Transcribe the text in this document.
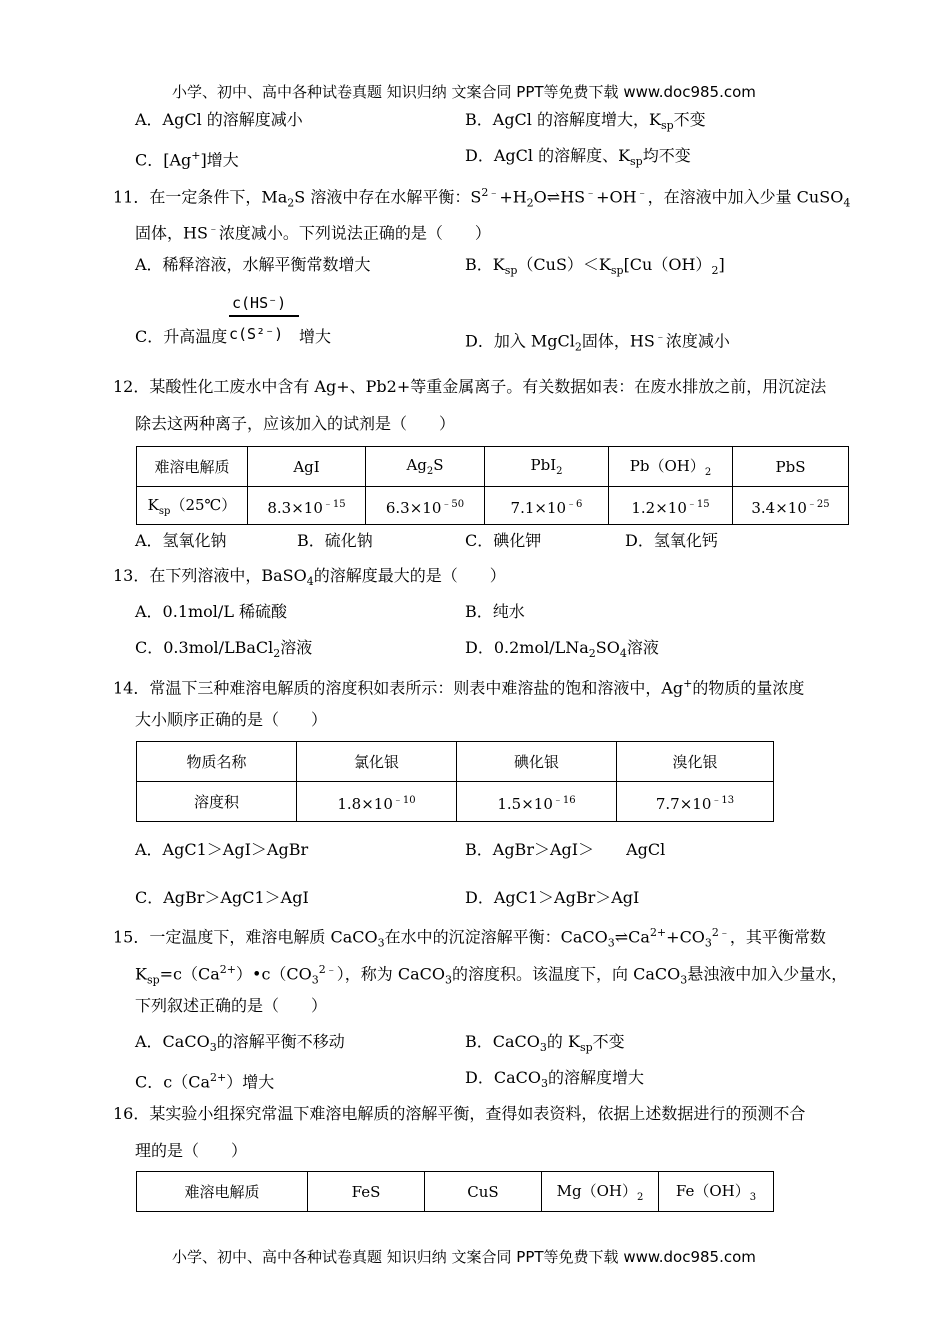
小学、初中、高中各种试卷真题 知识归纳 文案合同 PPT等免费下载 www.doc985.com
A．AgCl 的溶解度减小	B．AgCl 的溶解度增大，$K_{sp}$不变
C．[Ag+]增大	D．AgCl 的溶解度、$K_{sp}$均不变
11．在一定条件下，$Ma_2S$ 溶液中存在水解平衡：$S^{2﹣}+H_2O\rightleftharpoons HS^﹣+OH^﹣$，在溶液中加入少量 CuSO$_4$
固体，HS﹣浓度减小。下列说法正确的是（　　）
A．稀释溶液，水解平衡常数增大	B．$K_{sp}(CuS)<K_{sp}[Cu(OH)_2]$
C．升高温度
c(HS⁻)
c(S²⁻) 增大	D．加入 MgCl$_2$固体，HS﹣浓度减小
12．某酸性化工废水中含有 Ag+、Pb2+等重金属离子。有关数据如表：在废水排放之前，用沉淀法
除去这两种离子，应该加入的试剂是（　　）
难溶电解质	AgI	$Ag_2S$	PbI$_2$	$Pb(OH)_2$	PbS
$K_{sp}(25℃)$	$8.3\times 10^{﹣15}$	$6.3\times 10^{﹣50}$	$7.1\times 10^{﹣6}$	$1.2\times 10^{﹣15}$	$3.4\times 10^{﹣25}$
A．氢氧化钠	B．硫化钠	C．碘化钾	D．氢氧化钙
13．在下列溶液中，BaSO$_4$的溶解度最大的是（　　）
A．0.1mol/L 稀硫酸	B．纯水
C．0.3mol/LBaCl$_2$溶液	D．$0.2mol/LNa_2SO_4$溶液
14．常温下三种难溶电解质的溶度积如表所示：则表中难溶盐的饱和溶液中，Ag+的物质的量浓度
大小顺序正确的是（　　）
物质名称	氯化银	碘化银	溴化银
溶度积	$1.8\times 10^{﹣10}$	$1.5\times 10^{﹣16}$	$7.7\times 10^{﹣13}$
A．AgC1＞AgI＞AgBr	B．AgBr＞AgI＞ AgCl
C．AgBr＞AgC1＞AgI	D．AgC1＞AgBr＞AgI
15．一定温度下，难溶电解质 CaCO$_3$在水中的沉淀溶解平衡：$CaCO_3\rightleftharpoons Ca^{2+}+CO_3^{2﹣}$，其平衡常数
$K_{sp}=c(Ca^{2+})•c(CO_3^{2﹣})$，称为 CaCO$_3$的溶度积。该温度下，向 CaCO$_3$悬浊液中加入少量水，
下列叙述正确的是（　　）
A．CaCO$_3$的溶解平衡不移动	B．CaCO$_3$的 $K_{sp}$不变
C．$c(Ca^{2+})$增大	D．CaCO$_3$的溶解度增大
16．某实验小组探究常温下难溶电解质的溶解平衡，查得如表资料，依据上述数据进行的预测不合
理的是（　　）
难溶电解质	FeS	CuS	$Mg(OH)_2$	$Fe(OH)_3$
小学、初中、高中各种试卷真题 知识归纳 文案合同 PPT等免费下载 www.doc985.com
